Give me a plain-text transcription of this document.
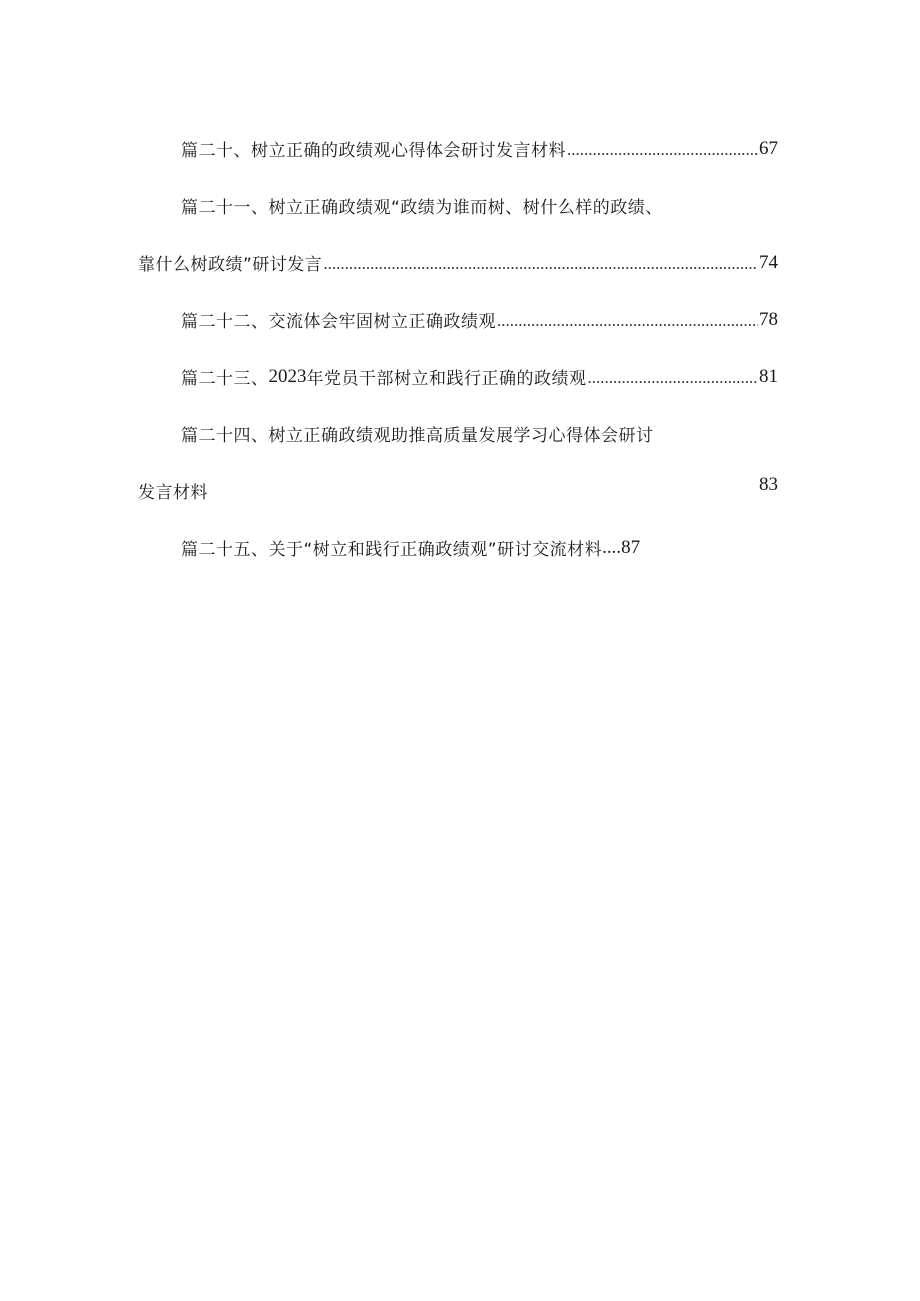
篇二十、树立正确的政绩观心得体会研讨发言材料 .....	67
篇二十一、树立正确政绩观“政绩为谁而树、树什么样的政绩、
靠什么树政绩”研讨发言 .....	74
篇二十二、交流体会牢固树立正确政绩观 .....	78
篇二十三、 2023 年党员干部树立和践行正确的政绩观 .....	81
篇二十四、树立正确政绩观助推高质量发展学习心得体会研讨
发言材料	83
篇二十五、关于“树立和践行正确政绩观”研讨交流材料 .... 87
